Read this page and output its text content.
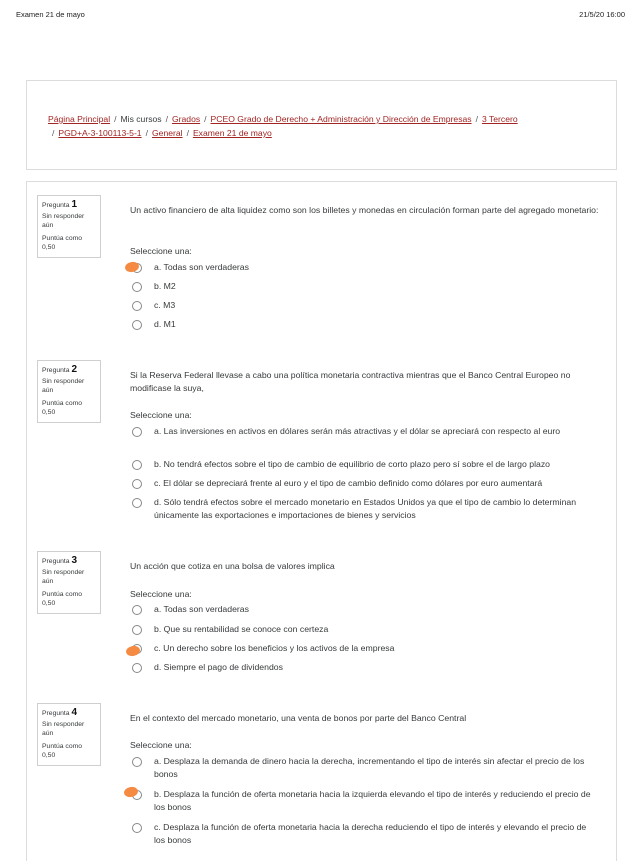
Examen 21 de mayo	21/5/20 16:00
Página Principal / Mis cursos / Grados / PCEO Grado de Derecho + Administración y Dirección de Empresas / 3 Tercero
/ PGD+A-3-100113-5-1 / General / Examen 21 de mayo
Pregunta 1
Sin responder aún
Puntúa como 0,50
Un activo financiero de alta liquidez como son los billetes y monedas en circulación forman parte del agregado monetario:
Seleccione una:
a. Todas son verdaderas
b. M2
c. M3
d. M1
Pregunta 2
Sin responder aún
Puntúa como 0,50
Si la Reserva Federal llevase a cabo una política monetaria contractiva mientras que el Banco Central Europeo no modificase la suya,
Seleccione una:
a. Las inversiones en activos en dólares serán más atractivas y el dólar se apreciará con respecto al euro
b. No tendrá efectos sobre el tipo de cambio de equilibrio de corto plazo pero sí sobre el de largo plazo
c. El dólar se depreciará frente al euro y el tipo de cambio definido como dólares por euro aumentará
d. Sólo tendrá efectos sobre el mercado monetario en Estados Unidos ya que el tipo de cambio lo determinan únicamente las exportaciones e importaciones de bienes y servicios
Pregunta 3
Sin responder aún
Puntúa como 0,50
Un acción que cotiza en una bolsa de valores implica
Seleccione una:
a. Todas son verdaderas
b. Que su rentabilidad se conoce con certeza
c. Un derecho sobre los beneficios y los activos de la empresa
d. Siempre el pago de dividendos
Pregunta 4
Sin responder aún
Puntúa como 0,50
En el contexto del mercado monetario, una venta de bonos por parte del Banco Central
Seleccione una:
a. Desplaza la demanda de dinero hacia la derecha, incrementando el tipo de interés sin afectar el precio de los bonos
b. Desplaza la función de oferta monetaria hacia la izquierda elevando el tipo de interés y reduciendo el precio de los bonos
c. Desplaza la función de oferta monetaria hacia la derecha reduciendo el tipo de interés y elevando el precio de los bonos
